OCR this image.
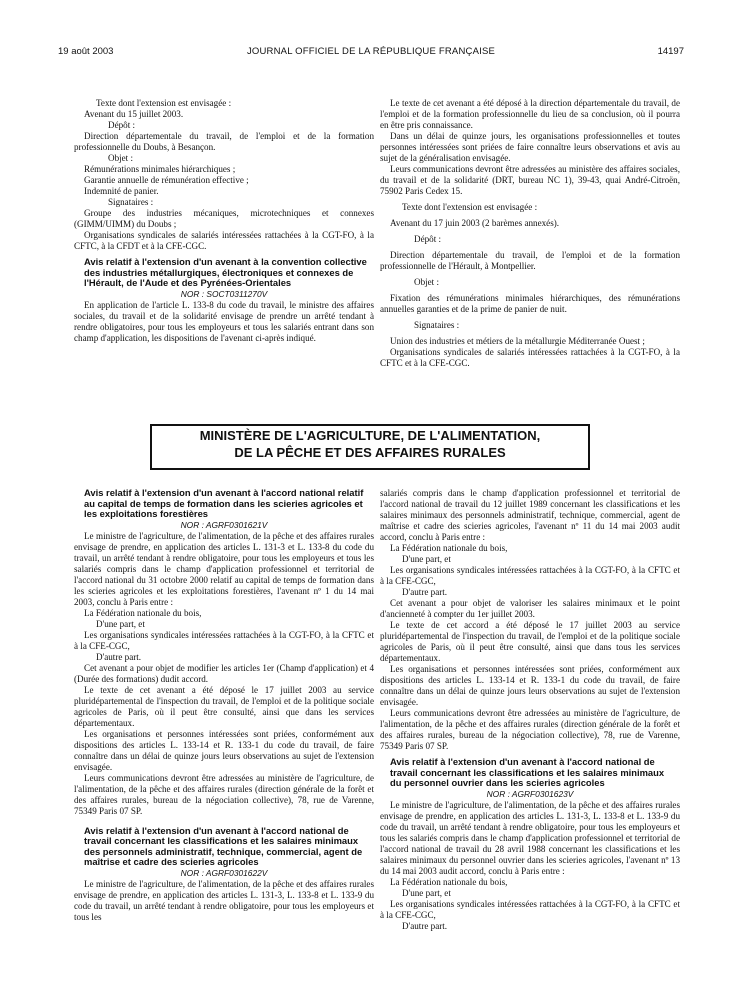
19 août 2003	JOURNAL OFFICIEL DE LA RÉPUBLIQUE FRANÇAISE	14197

Texte dont l'extension est envisagée :

Avenant du 15 juillet 2003.

Dépôt :

Direction départementale du travail, de l'emploi et de la formation professionnelle du Doubs, à Besançon.

Objet :

Rémunérations minimales hiérarchiques ;

Garantie annuelle de rémunération effective ;

Indemnité de panier.

Signataires :

Groupe des industries mécaniques, microtechniques et connexes (GIMM/UIMM) du Doubs ;

Organisations syndicales de salariés intéressées rattachées à la CGT-FO, à la CFTC, à la CFDT et à la CFE-CGC.

Avis relatif à l'extension d'un avenant à la convention collective des industries métallurgiques, électroniques et connexes de l'Hérault, de l'Aude et des Pyrénées-Orientales

NOR : SOCT0311270V

En application de l'article L. 133-8 du code du travail, le ministre des affaires sociales, du travail et de la solidarité envisage de prendre un arrêté tendant à rendre obligatoires, pour tous les employeurs et tous les salariés entrant dans son champ d'application, les dispositions de l'avenant ci-après indiqué.

Le texte de cet avenant a été déposé à la direction départementale du travail, de l'emploi et de la formation professionnelle du lieu de sa conclusion, où il pourra en être pris connaissance.

Dans un délai de quinze jours, les organisations professionnelles et toutes personnes intéressées sont priées de faire connaître leurs observations et avis au sujet de la généralisation envisagée.

Leurs communications devront être adressées au ministère des affaires sociales, du travail et de la solidarité (DRT, bureau NC 1), 39-43, quai André-Citroën, 75902 Paris Cedex 15.

Texte dont l'extension est envisagée :

Avenant du 17 juin 2003 (2 barèmes annexés).

Dépôt :

Direction départementale du travail, de l'emploi et de la formation professionnelle de l'Hérault, à Montpellier.

Objet :

Fixation des rémunérations minimales hiérarchiques, des rémunérations annuelles garanties et de la prime de panier de nuit.

Signataires :

Union des industries et métiers de la métallurgie Méditerranée Ouest ;

Organisations syndicales de salariés intéressées rattachées à la CGT-FO, à la CFTC et à la CFE-CGC.

MINISTÈRE DE L'AGRICULTURE, DE L'ALIMENTATION,
DE LA PÊCHE ET DES AFFAIRES RURALES

Avis relatif à l'extension d'un avenant à l'accord national relatif au capital de temps de formation dans les scieries agricoles et les exploitations forestières

NOR : AGRF0301621V

Le ministre de l'agriculture, de l'alimentation, de la pêche et des affaires rurales envisage de prendre, en application des articles L. 131-3 et L. 133-8 du code du travail, un arrêté tendant à rendre obligatoire, pour tous les employeurs et tous les salariés compris dans le champ d'application professionnel et territorial de l'accord national du 31 octobre 2000 relatif au capital de temps de formation dans les scieries agricoles et les exploitations forestières, l'avenant nº 1 du 14 mai 2003, conclu à Paris entre :

La Fédération nationale du bois,

D'une part, et

Les organisations syndicales intéressées rattachées à la CGT-FO, à la CFTC et à la CFE-CGC,

D'autre part.

Cet avenant a pour objet de modifier les articles 1er (Champ d'application) et 4 (Durée des formations) dudit accord.

Le texte de cet avenant a été déposé le 17 juillet 2003 au service pluridépartemental de l'inspection du travail, de l'emploi et de la politique sociale agricoles de Paris, où il peut être consulté, ainsi que dans les services départementaux.

Les organisations et personnes intéressées sont priées, conformément aux dispositions des articles L. 133-14 et R. 133-1 du code du travail, de faire connaître dans un délai de quinze jours leurs observations au sujet de l'extension envisagée.

Leurs communications devront être adressées au ministère de l'agriculture, de l'alimentation, de la pêche et des affaires rurales (direction générale de la forêt et des affaires rurales, bureau de la négociation collective), 78, rue de Varenne, 75349 Paris 07 SP.

Avis relatif à l'extension d'un avenant à l'accord national de travail concernant les classifications et les salaires minimaux des personnels administratif, technique, commercial, agent de maîtrise et cadre des scieries agricoles

NOR : AGRF0301622V

Le ministre de l'agriculture, de l'alimentation, de la pêche et des affaires rurales envisage de prendre, en application des articles L. 131-3, L. 133-8 et L. 133-9 du code du travail, un arrêté tendant à rendre obligatoire, pour tous les employeurs et tous les

salariés compris dans le champ d'application professionnel et territorial de l'accord national de travail du 12 juillet 1989 concernant les classifications et les salaires minimaux des personnels administratif, technique, commercial, agent de maîtrise et cadre des scieries agricoles, l'avenant nº 11 du 14 mai 2003 audit accord, conclu à Paris entre :

La Fédération nationale du bois,

D'une part, et

Les organisations syndicales intéressées rattachées à la CGT-FO, à la CFTC et à la CFE-CGC,

D'autre part.

Cet avenant a pour objet de valoriser les salaires minimaux et le point d'ancienneté à compter du 1er juillet 2003.

Le texte de cet accord a été déposé le 17 juillet 2003 au service pluridépartemental de l'inspection du travail, de l'emploi et de la politique sociale agricoles de Paris, où il peut être consulté, ainsi que dans tous les services départementaux.

Les organisations et personnes intéressées sont priées, conformément aux dispositions des articles L. 133-14 et R. 133-1 du code du travail, de faire connaître dans un délai de quinze jours leurs observations au sujet de l'extension envisagée.

Leurs communications devront être adressées au ministère de l'agriculture, de l'alimentation, de la pêche et des affaires rurales (direction générale de la forêt et des affaires rurales, bureau de la négociation collective), 78, rue de Varenne, 75349 Paris 07 SP.

Avis relatif à l'extension d'un avenant à l'accord national de travail concernant les classifications et les salaires minimaux du personnel ouvrier dans les scieries agricoles

NOR : AGRF0301623V

Le ministre de l'agriculture, de l'alimentation, de la pêche et des affaires rurales envisage de prendre, en application des articles L. 131-3, L. 133-8 et L. 133-9 du code du travail, un arrêté tendant à rendre obligatoire, pour tous les employeurs et tous les salariés compris dans le champ d'application professionnel et territorial de l'accord national de travail du 28 avril 1988 concernant les classifications et les salaires minimaux du personnel ouvrier dans les scieries agricoles, l'avenant nº 13 du 14 mai 2003 audit accord, conclu à Paris entre :

La Fédération nationale du bois,

D'une part, et

Les organisations syndicales intéressées rattachées à la CGT-FO, à la CFTC et à la CFE-CGC,

D'autre part.
